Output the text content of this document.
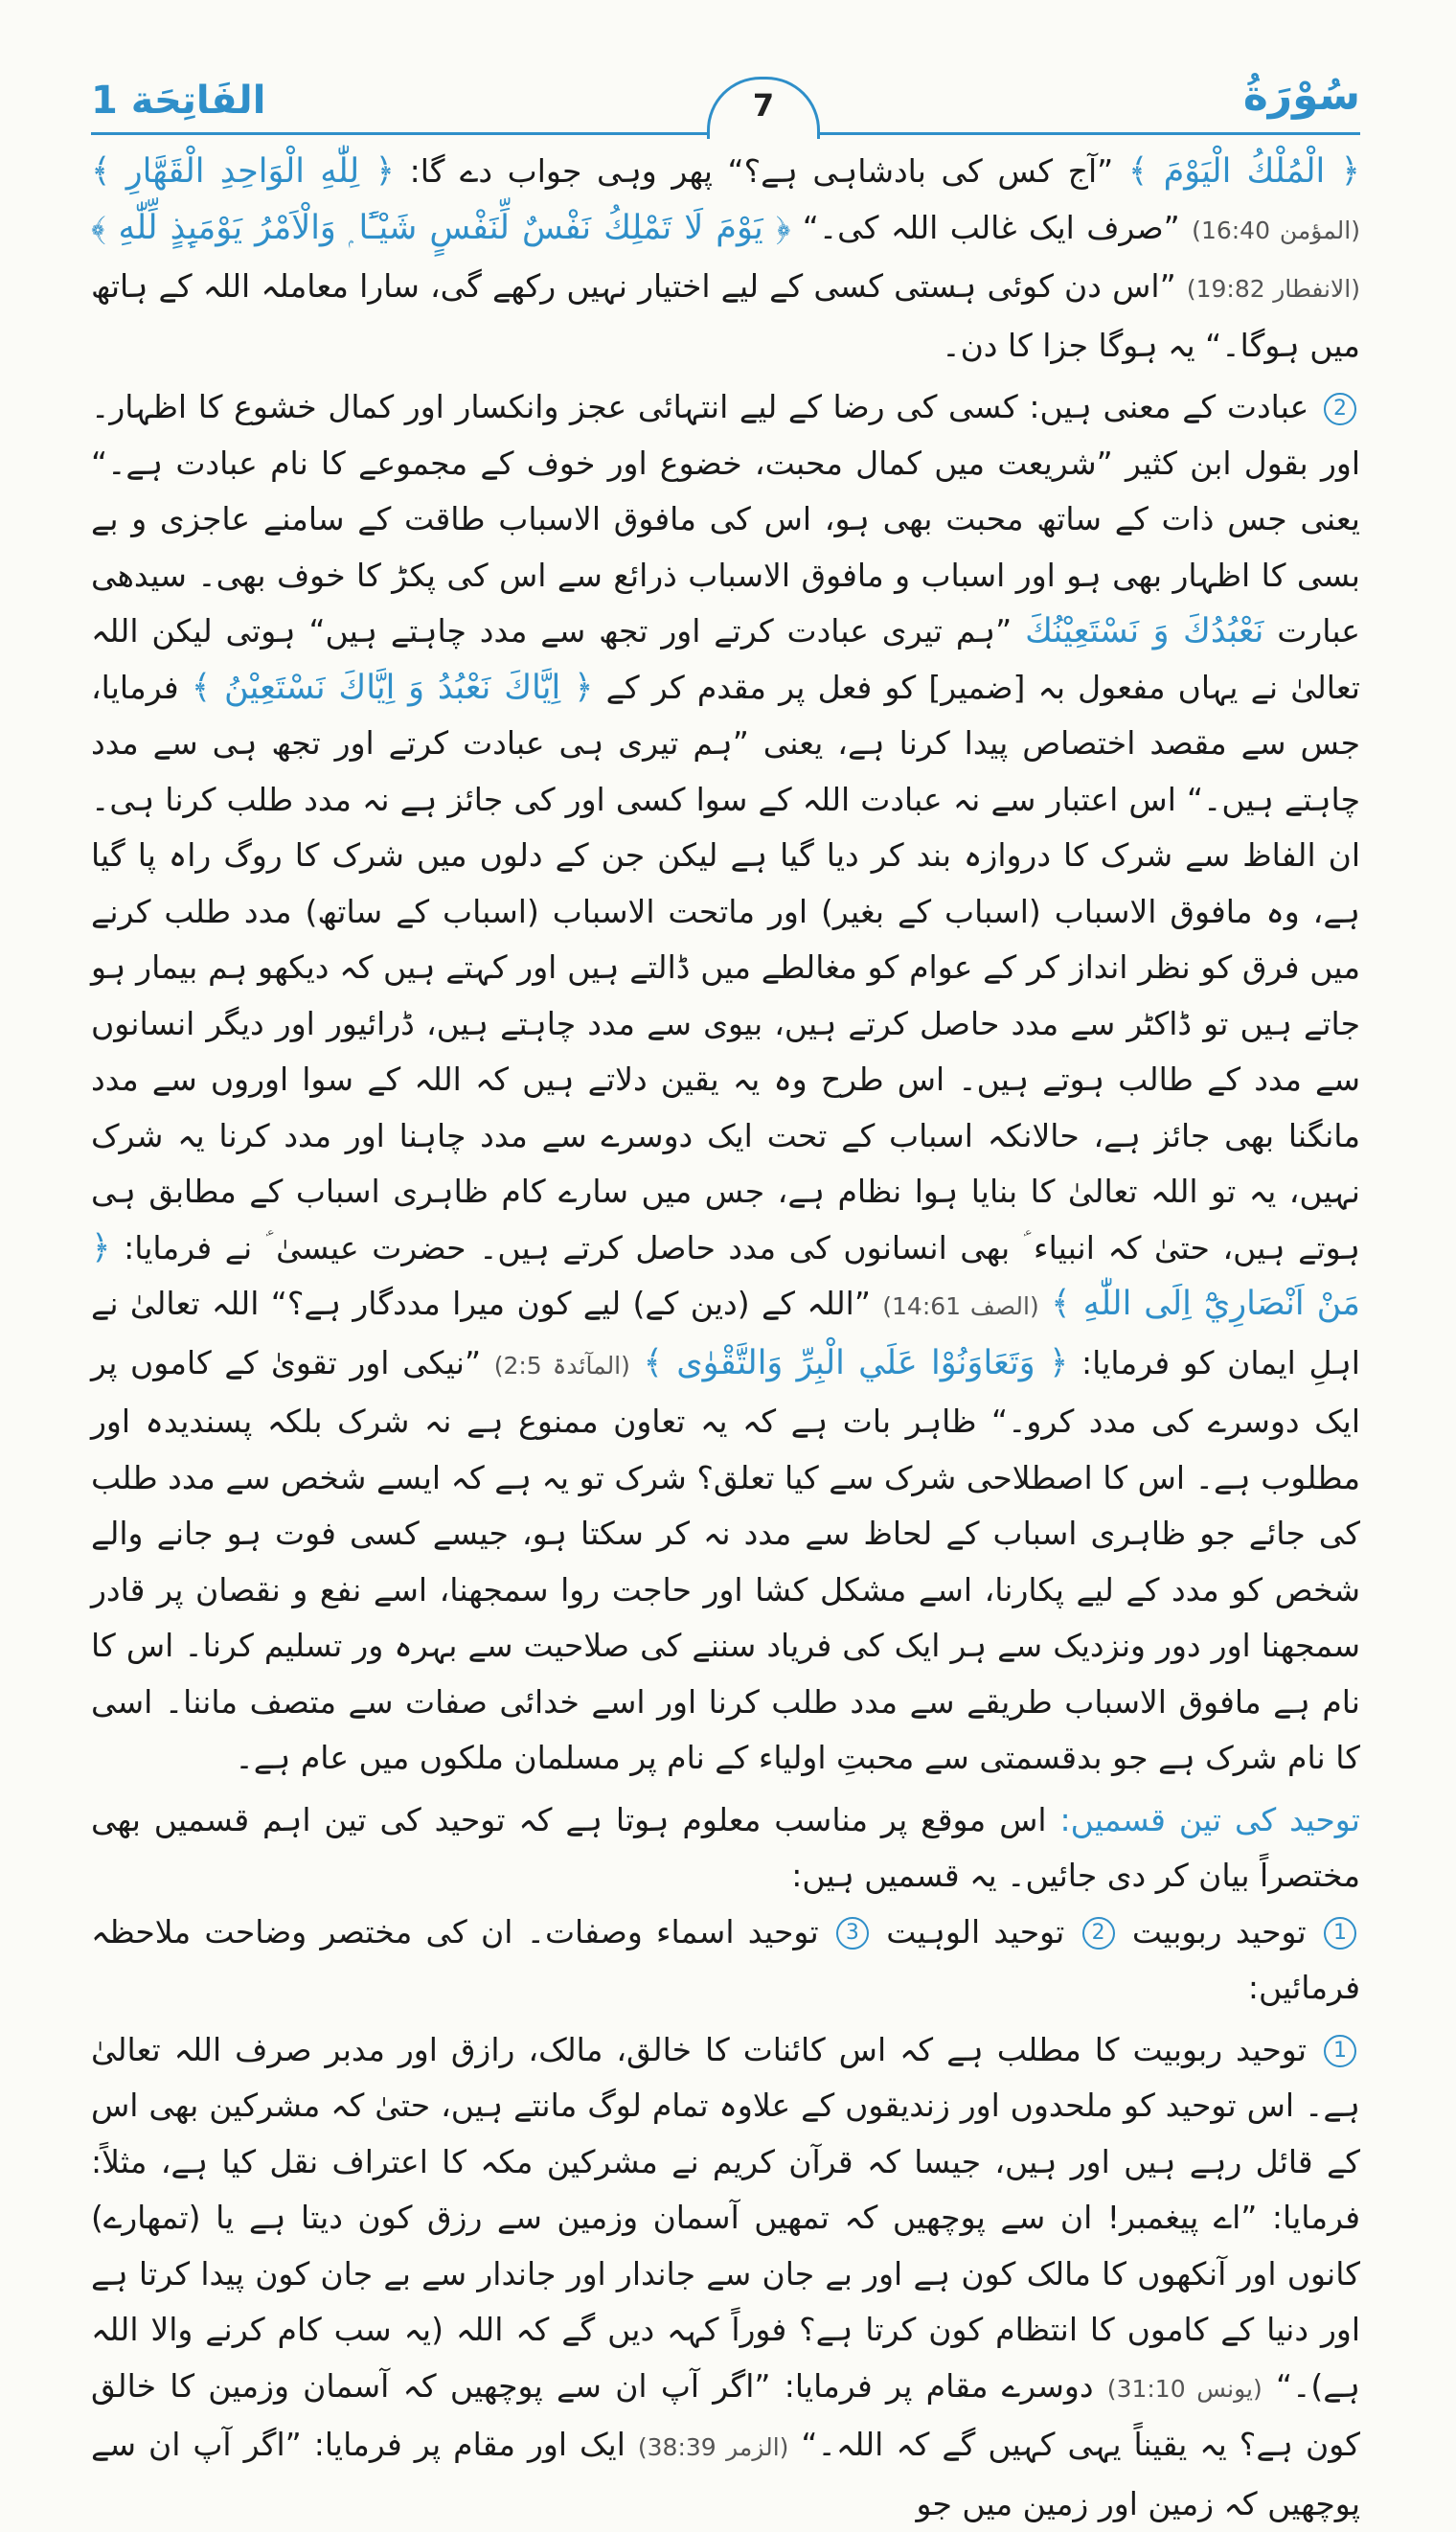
سُوْرَةُ
الفَاتِحَة 1	7

﴿ الْمُلْكُ الْيَوْمَ ﴾ ”آج کس کی بادشاہی ہے؟“ پھر وہی جواب دے گا: ﴿ لِلّٰهِ الْوَاحِدِ الْقَهَّارِ ﴾ (المؤمن 16:40) ”صرف ایک غالب اللہ کی۔“ ﴿ يَوْمَ لَا تَمْلِكُ نَفْسٌ لِّنَفْسٍ شَيْـًٔا ۭ وَالْاَمْرُ يَوْمَىِٕذٍ لِّلّٰهِ ﴾ (الانفطار 19:82) ”اس دن کوئی ہستی کسی کے لیے اختیار نہیں رکھے گی، سارا معاملہ اللہ کے ہاتھ میں ہوگا۔“ یہ ہوگا جزا کا دن۔

2 عبادت کے معنی ہیں: کسی کی رضا کے لیے انتہائی عجز وانکسار اور کمال خشوع کا اظہار۔ اور بقول ابن کثیر ”شریعت میں کمال محبت، خضوع اور خوف کے مجموعے کا نام عبادت ہے۔“ یعنی جس ذات کے ساتھ محبت بھی ہو، اس کی مافوق الاسباب طاقت کے سامنے عاجزی و بے بسی کا اظہار بھی ہو اور اسباب و مافوق الاسباب ذرائع سے اس کی پکڑ کا خوف بھی۔ سیدھی عبارت نَعْبُدُكَ وَ نَسْتَعِيْنُكَ ”ہم تیری عبادت کرتے اور تجھ سے مدد چاہتے ہیں“ ہوتی لیکن اللہ تعالیٰ نے یہاں مفعول بہ [ضمیر] کو فعل پر مقدم کر کے ﴿ اِيَّاكَ نَعْبُدُ وَ اِيَّاكَ نَسْتَعِيْنُ ﴾ فرمایا، جس سے مقصد اختصاص پیدا کرنا ہے، یعنی ”ہم تیری ہی عبادت کرتے اور تجھ ہی سے مدد چاہتے ہیں۔“ اس اعتبار سے نہ عبادت اللہ کے سوا کسی اور کی جائز ہے نہ مدد طلب کرنا ہی۔ ان الفاظ سے شرک کا دروازہ بند کر دیا گیا ہے لیکن جن کے دلوں میں شرک کا روگ راہ پا گیا ہے، وہ مافوق الاسباب (اسباب کے بغیر) اور ماتحت الاسباب (اسباب کے ساتھ) مدد طلب کرنے میں فرق کو نظر انداز کر کے عوام کو مغالطے میں ڈالتے ہیں اور کہتے ہیں کہ دیکھو ہم بیمار ہو جاتے ہیں تو ڈاکٹر سے مدد حاصل کرتے ہیں، بیوی سے مدد چاہتے ہیں، ڈرائیور اور دیگر انسانوں سے مدد کے طالب ہوتے ہیں۔ اس طرح وہ یہ یقین دلاتے ہیں کہ اللہ کے سوا اوروں سے مدد مانگنا بھی جائز ہے، حالانکہ اسباب کے تحت ایک دوسرے سے مدد چاہنا اور مدد کرنا یہ شرک نہیں، یہ تو اللہ تعالیٰ کا بنایا ہوا نظام ہے، جس میں سارے کام ظاہری اسباب کے مطابق ہی ہوتے ہیں، حتیٰ کہ انبیاء ؑ بھی انسانوں کی مدد حاصل کرتے ہیں۔ حضرت عیسیٰ ؑ نے فرمایا: ﴿ مَنْ اَنْصَارِيْٓ اِلَى اللّٰهِ ﴾ (الصف 14:61) ”اللہ کے (دین کے) لیے کون میرا مددگار ہے؟“ اللہ تعالیٰ نے اہلِ ایمان کو فرمایا: ﴿ وَتَعَاوَنُوْا عَلَي الْبِرِّ وَالتَّقْوٰى ﴾ (المآئدۃ 2:5) ”نیکی اور تقویٰ کے کاموں پر ایک دوسرے کی مدد کرو۔“ ظاہر بات ہے کہ یہ تعاون ممنوع ہے نہ شرک بلکہ پسندیدہ اور مطلوب ہے۔ اس کا اصطلاحی شرک سے کیا تعلق؟ شرک تو یہ ہے کہ ایسے شخص سے مدد طلب کی جائے جو ظاہری اسباب کے لحاظ سے مدد نہ کر سکتا ہو، جیسے کسی فوت ہو جانے والے شخص کو مدد کے لیے پکارنا، اسے مشکل کشا اور حاجت روا سمجھنا، اسے نفع و نقصان پر قادر سمجھنا اور دور ونزدیک سے ہر ایک کی فریاد سننے کی صلاحیت سے بہرہ ور تسلیم کرنا۔ اس کا نام ہے مافوق الاسباب طریقے سے مدد طلب کرنا اور اسے خدائی صفات سے متصف ماننا۔ اسی کا نام شرک ہے جو بدقسمتی سے محبتِ اولیاء کے نام پر مسلمان ملکوں میں عام ہے۔

توحید کی تین قسمیں: اس موقع پر مناسب معلوم ہوتا ہے کہ توحید کی تین اہم قسمیں بھی مختصراً بیان کر دی جائیں۔ یہ قسمیں ہیں:

1 توحید ربوبیت 2 توحید الوہیت 3 توحید اسماء وصفات۔ ان کی مختصر وضاحت ملاحظہ فرمائیں:

1 توحید ربوبیت کا مطلب ہے کہ اس کائنات کا خالق، مالک، رازق اور مدبر صرف اللہ تعالیٰ ہے۔ اس توحید کو ملحدوں اور زندیقوں کے علاوہ تمام لوگ مانتے ہیں، حتیٰ کہ مشرکین بھی اس کے قائل رہے ہیں اور ہیں، جیسا کہ قرآن کریم نے مشرکین مکہ کا اعتراف نقل کیا ہے، مثلاً: فرمایا: ”اے پیغمبر! ان سے پوچھیں کہ تمھیں آسمان وزمین سے رزق کون دیتا ہے یا (تمھارے) کانوں اور آنکھوں کا مالک کون ہے اور بے جان سے جاندار اور جاندار سے بے جان کون پیدا کرتا ہے اور دنیا کے کاموں کا انتظام کون کرتا ہے؟ فوراً کہہ دیں گے کہ اللہ (یہ سب کام کرنے والا اللہ ہے)۔“ (یونس 31:10) دوسرے مقام پر فرمایا: ”اگر آپ ان سے پوچھیں کہ آسمان وزمین کا خالق کون ہے؟ یہ یقیناً یہی کہیں گے کہ اللہ۔“ (الزمر 38:39) ایک اور مقام پر فرمایا: ”اگر آپ ان سے پوچھیں کہ زمین اور زمین میں جو
